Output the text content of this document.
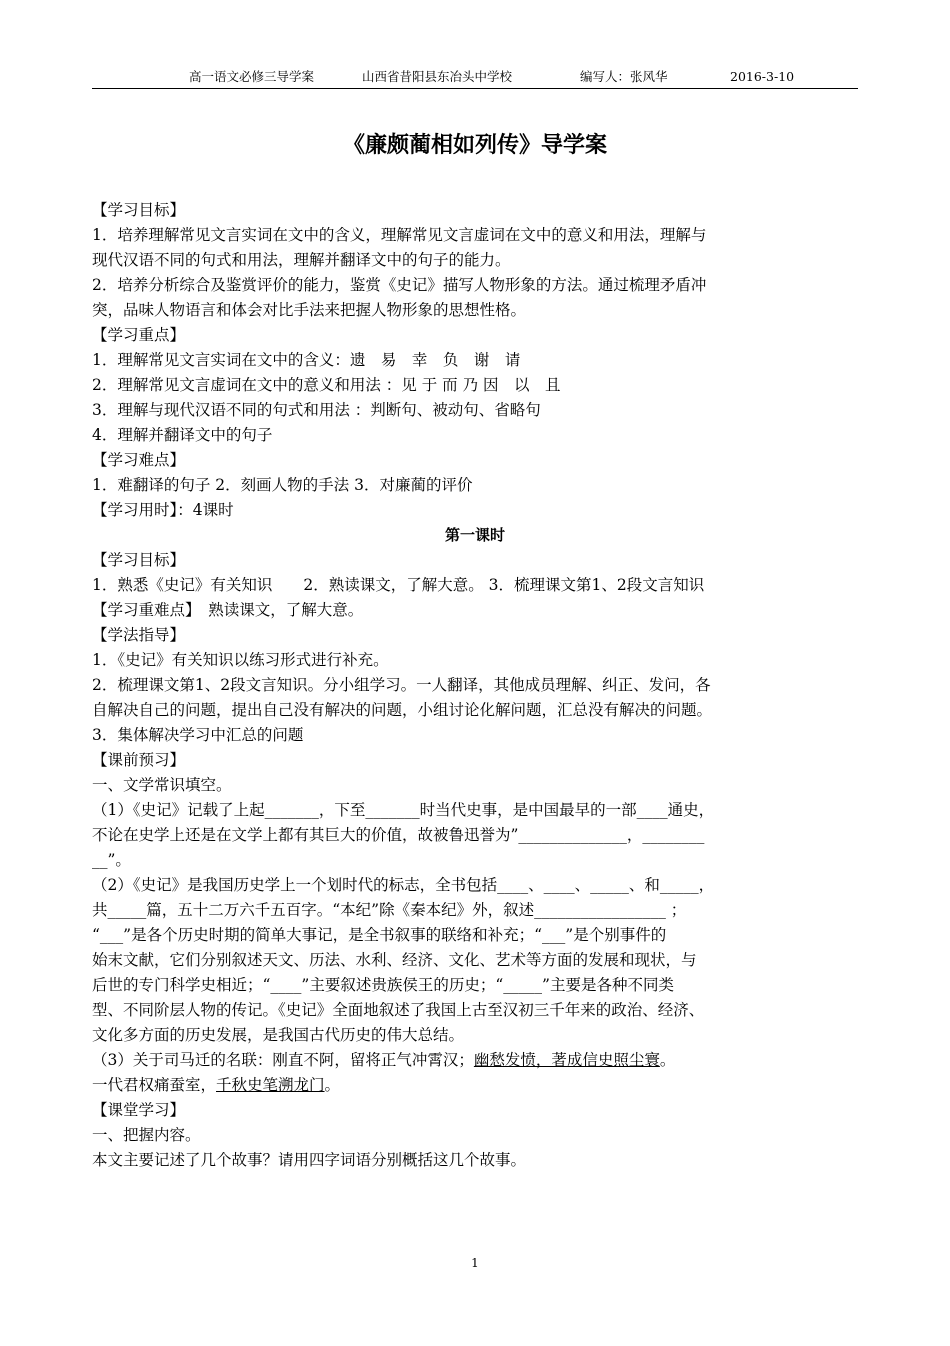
高一语文必修三导学案	山西省昔阳县东冶头中学校	编写人：张风华	2016-3-10
《廉颇蔺相如列传》导学案
【学习目标】
1．培养理解常见文言实词在文中的含义，理解常见文言虚词在文中的意义和用法，理解与
现代汉语不同的句式和用法，理解并翻译文中的句子的能力。
2．培养分析综合及鉴赏评价的能力，鉴赏《史记》描写人物形象的方法。通过梳理矛盾冲
突，品味人物语言和体会对比手法来把握人物形象的思想性格。
【学习重点】
1．理解常见文言实词在文中的含义：遗　易　幸　负　谢　请
2．理解常见文言虚词在文中的意义和用法 ：见 于 而 乃 因　以　且
3．理解与现代汉语不同的句式和用法 ：判断句、被动句、省略句
4．理解并翻译文中的句子
【学习难点】
1．难翻译的句子 2．刻画人物的手法 3．对廉蔺的评价
【学习用时】：4课时
第一课时
【学习目标】
1．熟悉《史记》有关知识　　2．熟读课文，了解大意。 3．梳理课文第1、2段文言知识
【学习重难点】　熟读课文，了解大意。
【学法指导】
1．《史记》有关知识以练习形式进行补充。
2．梳理课文第1、2段文言知识。分小组学习。一人翻译，其他成员理解、纠正、发问，各
自解决自己的问题，提出自己没有解决的问题，小组讨论化解问题，汇总没有解决的问题。
3．集体解决学习中汇总的问题
【课前预习】
一、文学常识填空。
（1）《史记》记载了上起_______，下至_______时当代史事，是中国最早的一部____通史，
不论在史学上还是在文学上都有其巨大的价值，故被鲁迅誉为”______________，________
__”。
（2）《史记》是我国历史学上一个划时代的标志，全书包括____、____、_____、和_____，
共_____篇，五十二万六千五百字。“本纪”除《秦本纪》外，叙述_________________ ；
“___”是各个历史时期的简单大事记，是全书叙事的联络和补充；“___”是个别事件的
始末文献，它们分别叙述天文、历法、水利、经济、文化、艺术等方面的发展和现状，与
后世的专门科学史相近；“____”主要叙述贵族侯王的历史；“_____”主要是各种不同类
型、不同阶层人物的传记。《史记》全面地叙述了我国上古至汉初三千年来的政治、经济、
文化多方面的历史发展，是我国古代历史的伟大总结。
（3）关于司马迁的名联：刚直不阿，留将正气冲霄汉；幽愁发愤，著成信史照尘寰。
一代君权痛蚕室，千秋史笔溯龙门。
【课堂学习】
一、把握内容。
本文主要记述了几个故事？请用四字词语分别概括这几个故事。
1
